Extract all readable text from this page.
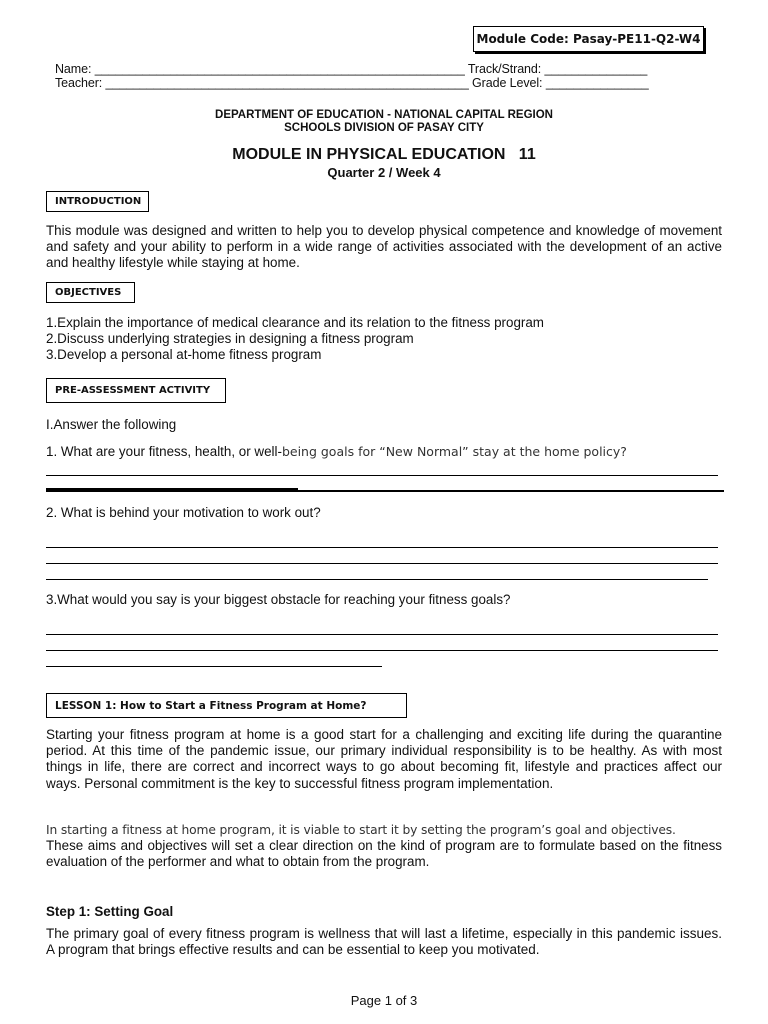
Module Code: Pasay-PE11-Q2-W4
Name: ______________________________________________________ Track/Strand: _______________
Teacher: _____________________________________________________ Grade Level: _______________
DEPARTMENT OF EDUCATION - NATIONAL CAPITAL REGION
SCHOOLS DIVISION OF PASAY CITY
MODULE IN PHYSICAL EDUCATION   11
Quarter 2 / Week 4
INTRODUCTION
This module was designed and written to help you to develop physical competence and knowledge of movement and safety and your ability to perform in a wide range of activities associated with the development of an active and healthy lifestyle while staying at home.
OBJECTIVES
1.Explain the importance of medical clearance and its relation to the fitness program
2.Discuss underlying strategies in designing a fitness program
3.Develop a personal at-home fitness program
PRE-ASSESSMENT ACTIVITY
I.Answer the following
1. What are your fitness, health, or well-being goals for “New Normal” stay at the home policy?
2. What is behind your motivation to work out?
3.What would you say is your biggest obstacle for reaching your fitness goals?
LESSON 1: How to Start a Fitness Program at Home?
Starting your fitness program at home is a good start for a challenging and exciting life during the quarantine period. At this time of the pandemic issue, our primary individual responsibility is to be healthy. As with most things in life, there are correct and incorrect ways to go about becoming fit, lifestyle and practices affect our ways. Personal commitment is the key to successful fitness program implementation.
In starting a fitness at home program, it is viable to start it by setting the program’s goal and objectives.
These aims and objectives will set a clear direction on the kind of program are to formulate based on the fitness evaluation of the performer and what to obtain from the program.
Step 1: Setting Goal
The primary goal of every fitness program is wellness that will last a lifetime, especially in this pandemic issues. A program that brings effective results and can be essential to keep you motivated.
Page 1 of 3
